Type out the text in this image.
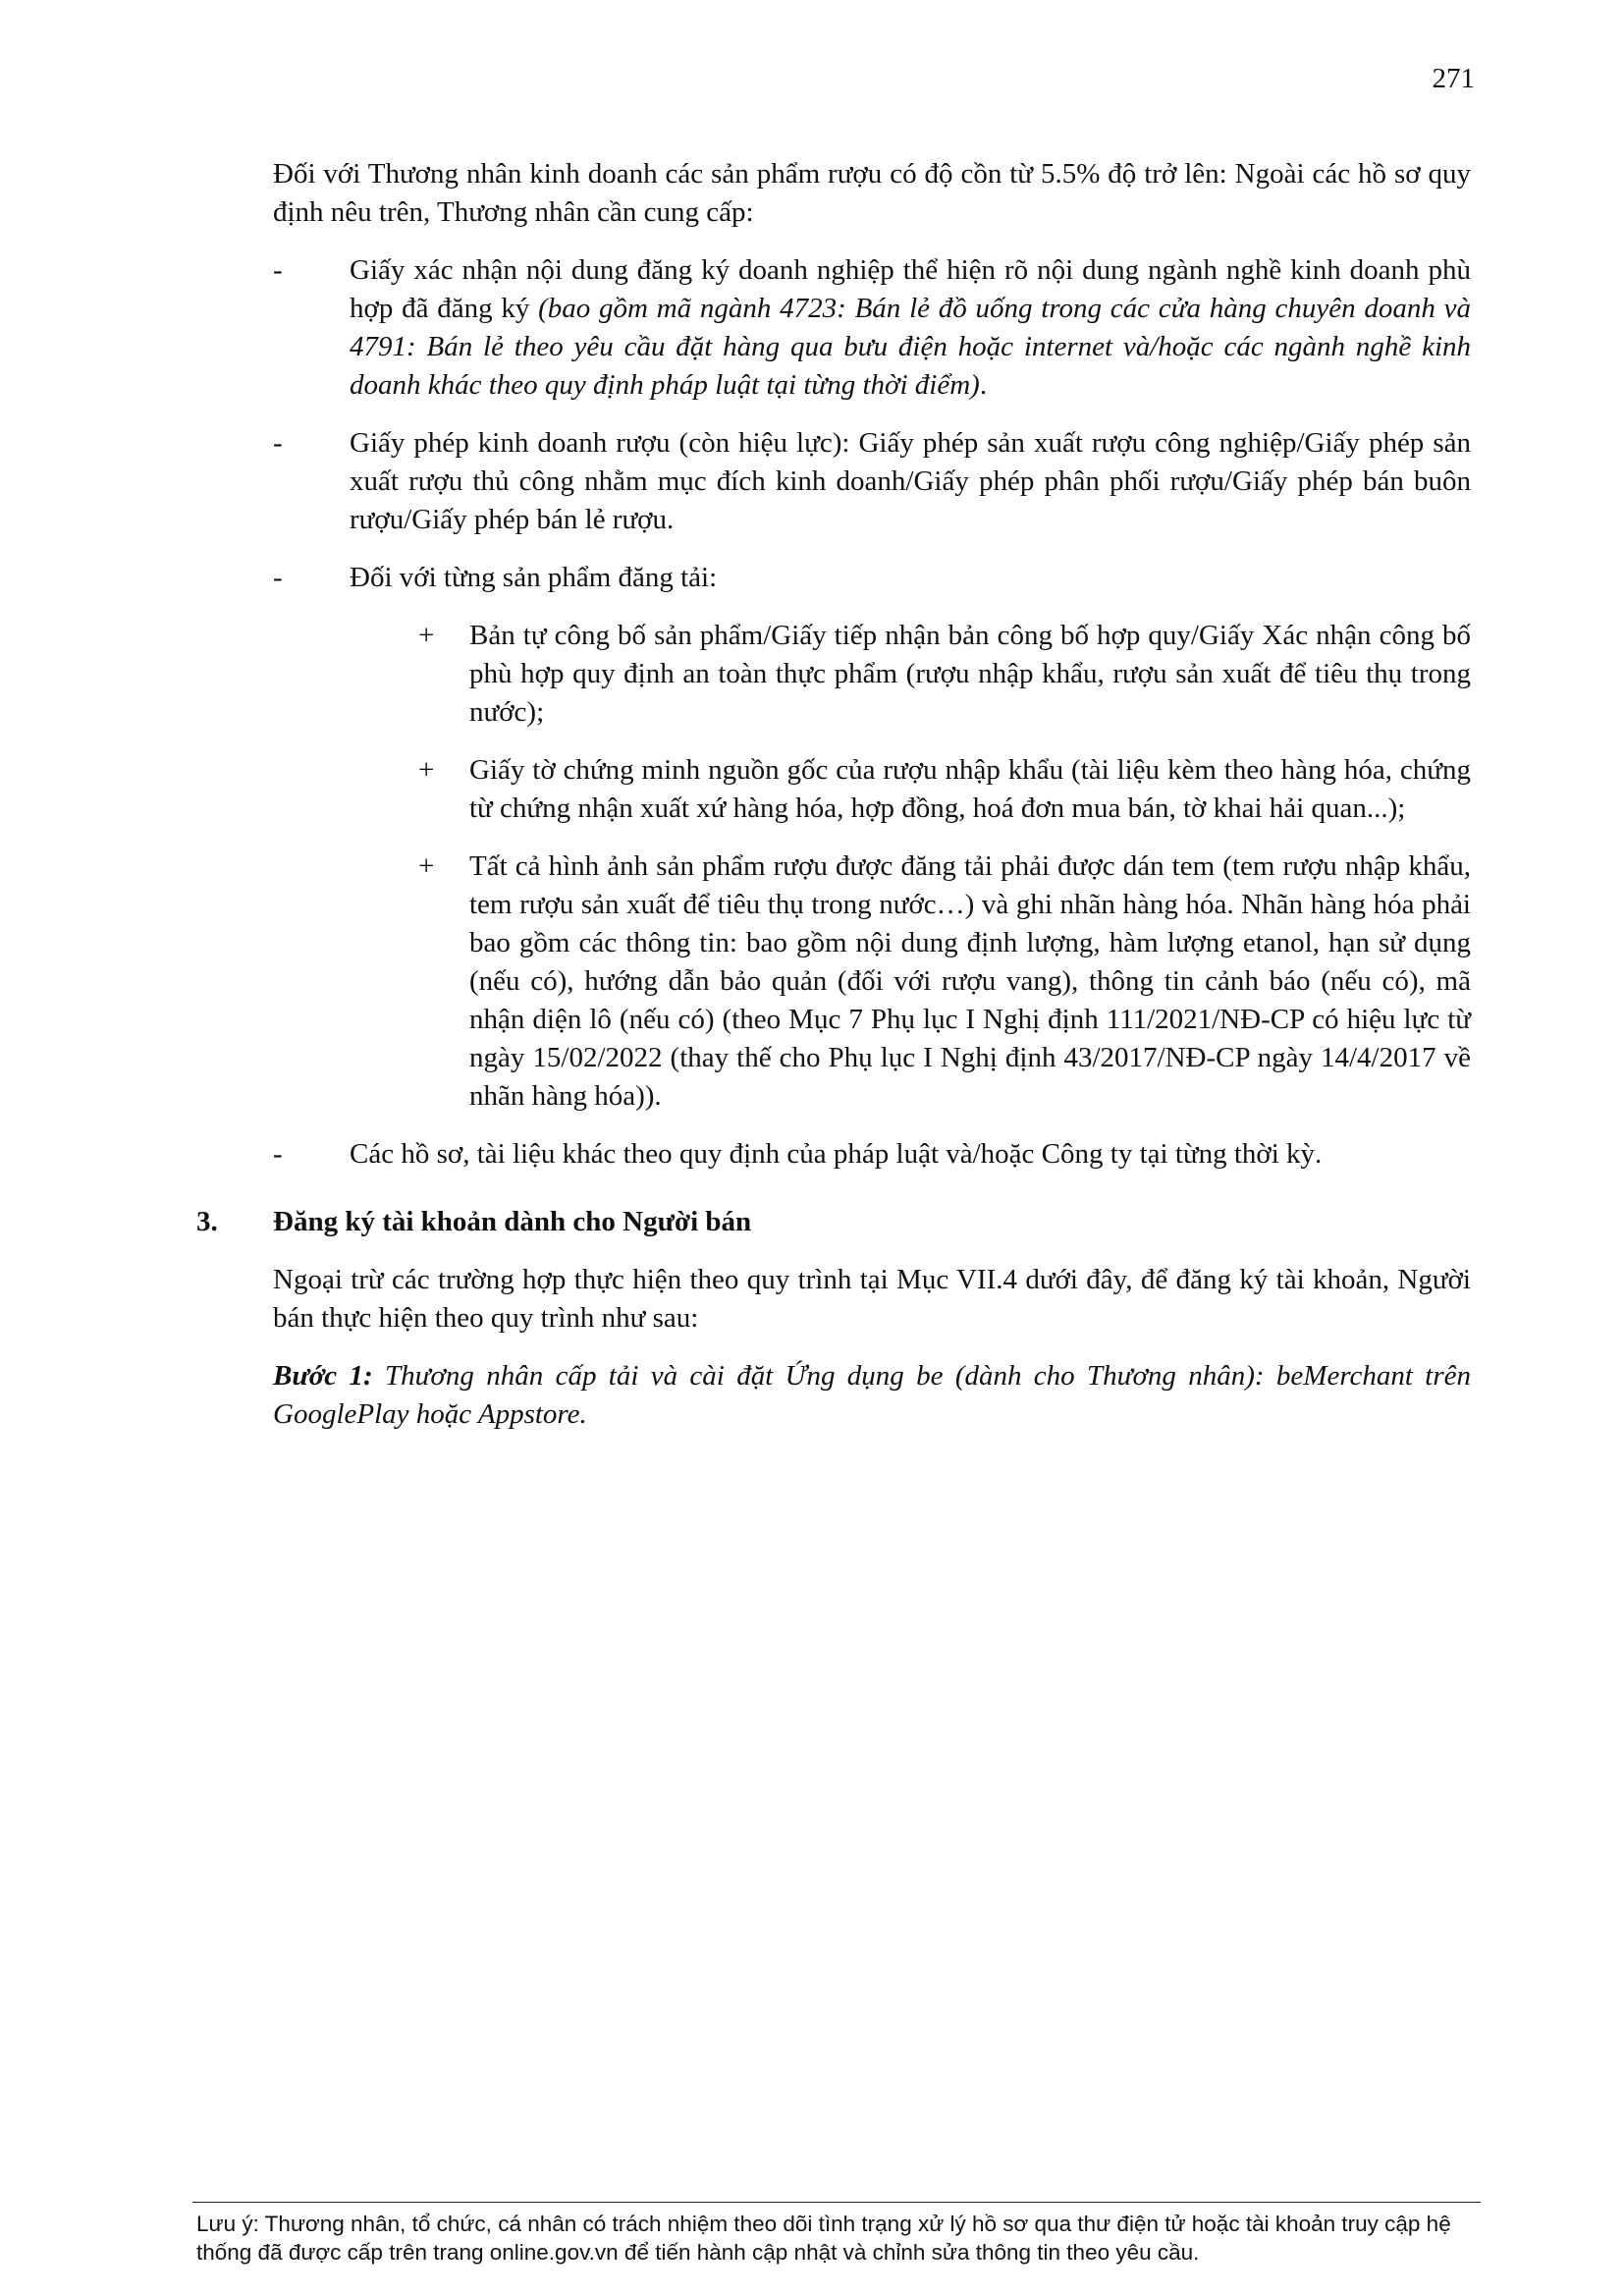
271

Đối với Thương nhân kinh doanh các sản phẩm rượu có độ cồn từ 5.5% độ trở lên: Ngoài các hồ sơ quy định nêu trên, Thương nhân cần cung cấp:

- Giấy xác nhận nội dung đăng ký doanh nghiệp thể hiện rõ nội dung ngành nghề kinh doanh phù hợp đã đăng ký (bao gồm mã ngành 4723: Bán lẻ đồ uống trong các cửa hàng chuyên doanh và 4791: Bán lẻ theo yêu cầu đặt hàng qua bưu điện hoặc internet và/hoặc các ngành nghề kinh doanh khác theo quy định pháp luật tại từng thời điểm).

- Giấy phép kinh doanh rượu (còn hiệu lực): Giấy phép sản xuất rượu công nghiệp/Giấy phép sản xuất rượu thủ công nhằm mục đích kinh doanh/Giấy phép phân phối rượu/Giấy phép bán buôn rượu/Giấy phép bán lẻ rượu.

- Đối với từng sản phẩm đăng tải:

+ Bản tự công bố sản phẩm/Giấy tiếp nhận bản công bố hợp quy/Giấy Xác nhận công bố phù hợp quy định an toàn thực phẩm (rượu nhập khẩu, rượu sản xuất để tiêu thụ trong nước);

+ Giấy tờ chứng minh nguồn gốc của rượu nhập khẩu (tài liệu kèm theo hàng hóa, chứng từ chứng nhận xuất xứ hàng hóa, hợp đồng, hoá đơn mua bán, tờ khai hải quan...);

+ Tất cả hình ảnh sản phẩm rượu được đăng tải phải được dán tem (tem rượu nhập khẩu, tem rượu sản xuất để tiêu thụ trong nước…) và ghi nhãn hàng hóa. Nhãn hàng hóa phải bao gồm các thông tin: bao gồm nội dung định lượng, hàm lượng etanol, hạn sử dụng (nếu có), hướng dẫn bảo quản (đối với rượu vang), thông tin cảnh báo (nếu có), mã nhận diện lô (nếu có) (theo Mục 7 Phụ lục I Nghị định 111/2021/NĐ-CP có hiệu lực từ ngày 15/02/2022 (thay thế cho Phụ lục I Nghị định 43/2017/NĐ-CP ngày 14/4/2017 về nhãn hàng hóa)).

- Các hồ sơ, tài liệu khác theo quy định của pháp luật và/hoặc Công ty tại từng thời kỳ.

3. Đăng ký tài khoản dành cho Người bán

Ngoại trừ các trường hợp thực hiện theo quy trình tại Mục VII.4 dưới đây, để đăng ký tài khoản, Người bán thực hiện theo quy trình như sau:

Bước 1: Thương nhân cấp tải và cài đặt Ứng dụng be (dành cho Thương nhân): beMerchant trên GooglePlay hoặc Appstore.

Lưu ý: Thương nhân, tổ chức, cá nhân có trách nhiệm theo dõi tình trạng xử lý hồ sơ qua thư điện tử hoặc tài khoản truy cập hệ thống đã được cấp trên trang online.gov.vn để tiến hành cập nhật và chỉnh sửa thông tin theo yêu cầu.
